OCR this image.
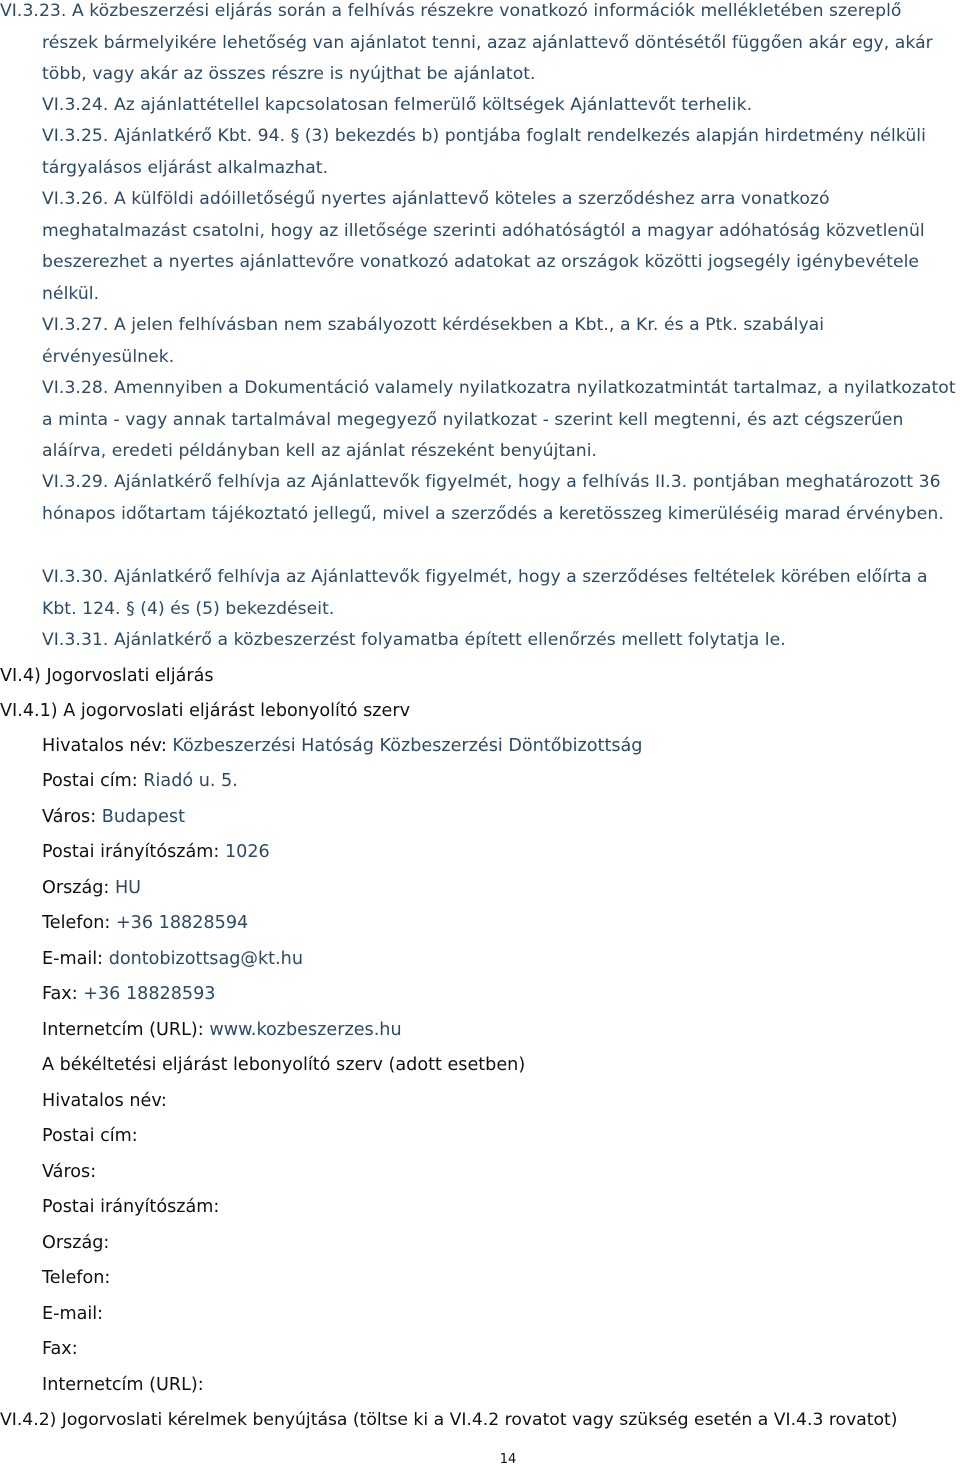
VI.3.23. A közbeszerzési eljárás során a felhívás részekre vonatkozó információk mellékletében szereplő részek bármelyikére lehetőség van ajánlatot tenni, azaz ajánlattevő döntésétől függően akár egy, akár több, vagy akár az összes részre is nyújthat be ajánlatot.
VI.3.24. Az ajánlattétellel kapcsolatosan felmerülő költségek Ajánlattevőt terhelik.
VI.3.25. Ajánlatkérő Kbt. 94. § (3) bekezdés b) pontjába foglalt rendelkezés alapján hirdetmény nélküli tárgyalásos eljárást alkalmazhat.
VI.3.26. A külföldi adóilletőségű nyertes ajánlattevő köteles a szerződéshez arra vonatkozó meghatalmazást csatolni, hogy az illetősége szerinti adóhatóságtól a magyar adóhatóság közvetlenül beszerezhet a nyertes ajánlattevőre vonatkozó adatokat az országok közötti jogsegély igénybevétele nélkül.
VI.3.27. A jelen felhívásban nem szabályozott kérdésekben a Kbt., a Kr. és a Ptk. szabályai érvényesülnek.
VI.3.28. Amennyiben a Dokumentáció valamely nyilatkozatra nyilatkozatmintát tartalmaz, a nyilatkozatot a minta - vagy annak tartalmával megegyező nyilatkozat - szerint kell megtenni, és azt cégszerűen aláírva, eredeti példányban kell az ajánlat részeként benyújtani.
VI.3.29. Ajánlatkérő felhívja az Ajánlattevők figyelmét, hogy a felhívás II.3. pontjában meghatározott 36 hónapos időtartam tájékoztató jellegű, mivel a szerződés a keretösszeg kimerüléséig marad érvényben.
VI.3.30. Ajánlatkérő felhívja az Ajánlattevők figyelmét, hogy a szerződéses feltételek körében előírta a Kbt. 124. § (4) és (5) bekezdéseit.
VI.3.31. Ajánlatkérő a közbeszerzést folyamatba épített ellenőrzés mellett folytatja le.
VI.4) Jogorvoslati eljárás
VI.4.1) A jogorvoslati eljárást lebonyolító szerv
Hivatalos név: Közbeszerzési Hatóság Közbeszerzési Döntőbizottság
Postai cím: Riadó u. 5.
Város: Budapest
Postai irányítószám: 1026
Ország: HU
Telefon: +36 18828594
E-mail: dontobizottsag@kt.hu
Fax: +36 18828593
Internetcím (URL): www.kozbeszerzes.hu
A békéltetési eljárást lebonyolító szerv (adott esetben)
Hivatalos név:
Postai cím:
Város:
Postai irányítószám:
Ország:
Telefon:
E-mail:
Fax:
Internetcím (URL):
VI.4.2) Jogorvoslati kérelmek benyújtása (töltse ki a VI.4.2 rovatot vagy szükség esetén a VI.4.3 rovatot)
14
